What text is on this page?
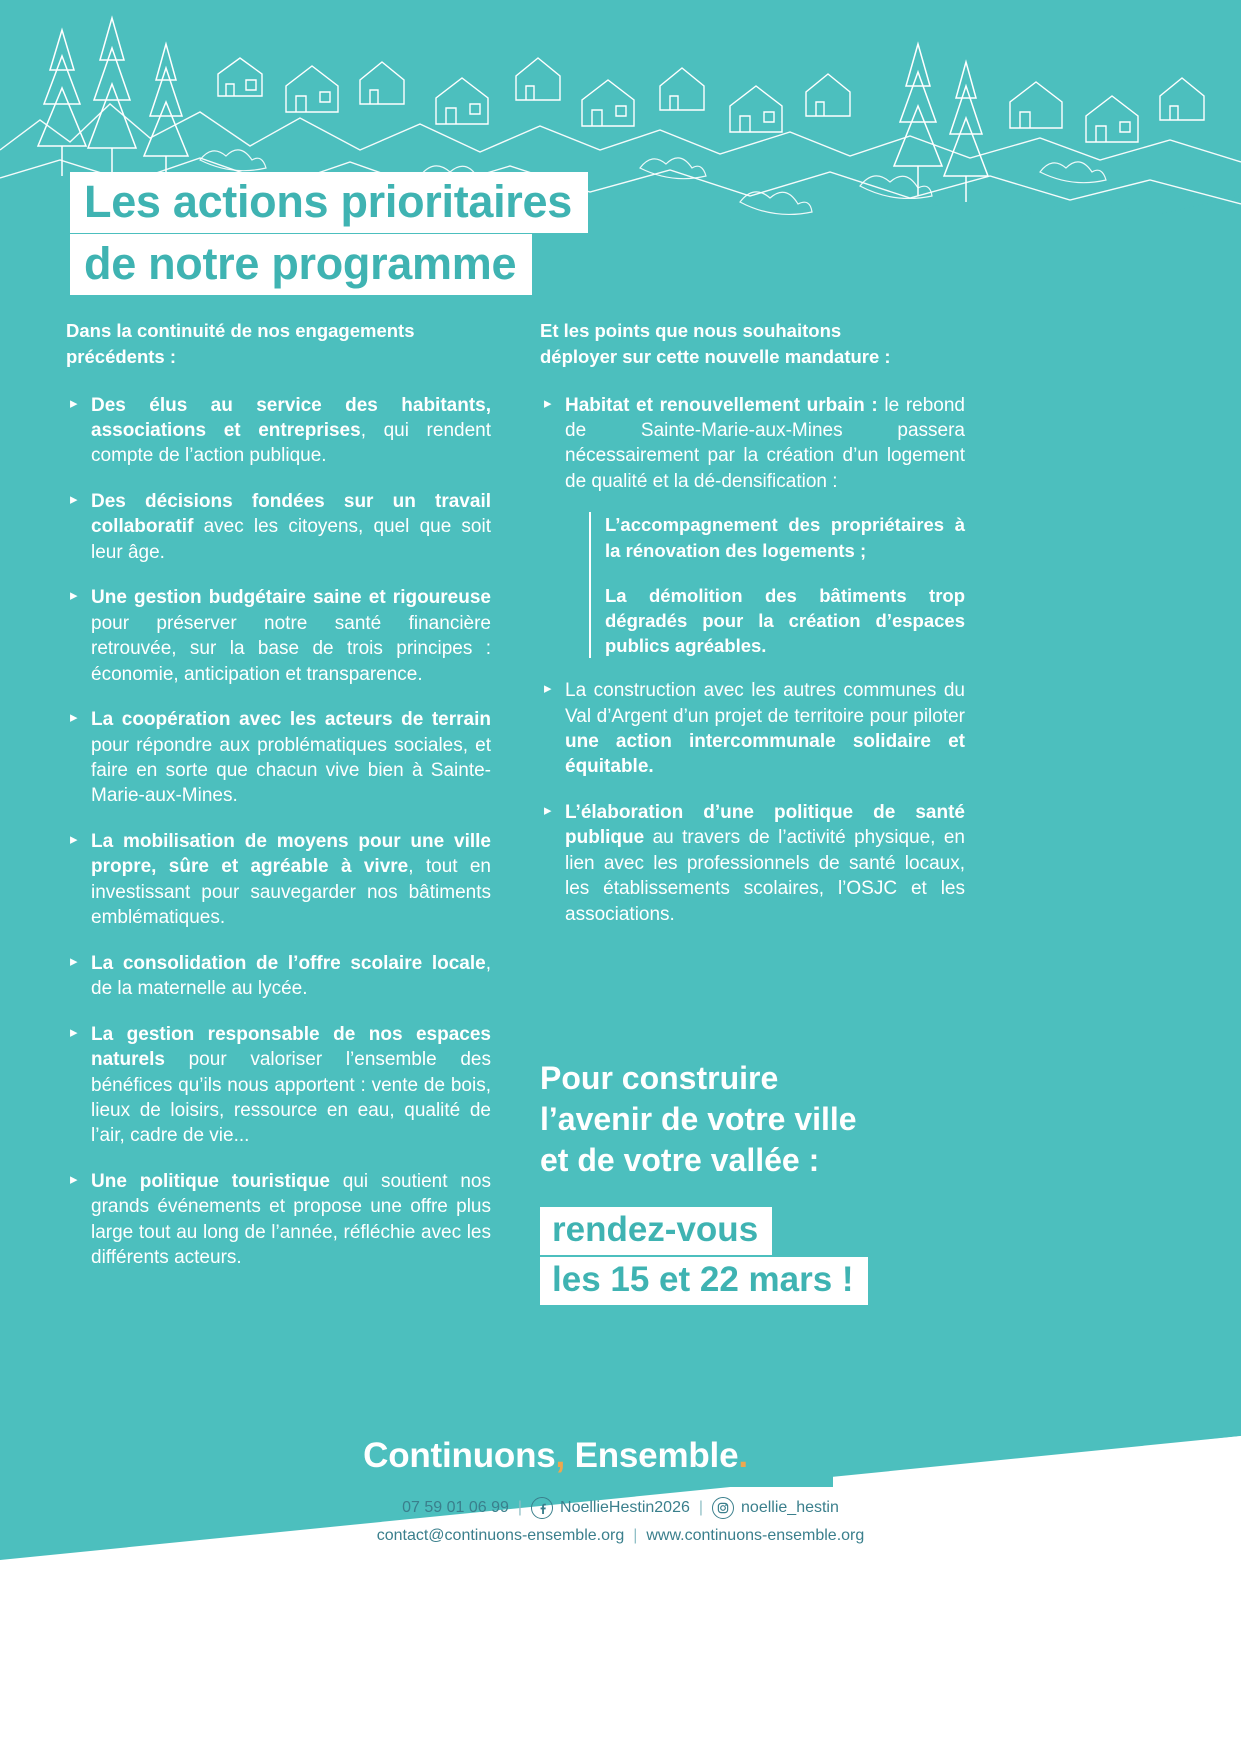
Les actions prioritaires
de notre programme
Dans la continuité de nos engagements précédents :
▸ Des élus au service des habitants, associations et entreprises, qui rendent compte de l’action publique.
▸ Des décisions fondées sur un travail collaboratif avec les citoyens, quel que soit leur âge.
▸ Une gestion budgétaire saine et rigoureuse pour préserver notre santé financière retrouvée, sur la base de trois principes : économie, anticipation et transparence.
▸ La coopération avec les acteurs de terrain pour répondre aux problématiques sociales, et faire en sorte que chacun vive bien à Sainte-Marie-aux-Mines.
▸ La mobilisation de moyens pour une ville propre, sûre et agréable à vivre, tout en investissant pour sauvegarder nos bâtiments emblématiques.
▸ La consolidation de l’offre scolaire locale, de la maternelle au lycée.
▸ La gestion responsable de nos espaces naturels pour valoriser l’ensemble des bénéfices qu’ils nous apportent : vente de bois, lieux de loisirs, ressource en eau, qualité de l’air, cadre de vie...
▸ Une politique touristique qui soutient nos grands événements et propose une offre plus large tout au long de l’année, réfléchie avec les différents acteurs.
Et les points que nous souhaitons
déployer sur cette nouvelle mandature :
▸ Habitat et renouvellement urbain : le rebond de Sainte-Marie-aux-Mines passera nécessairement par la création d’un logement de qualité et la dé-densification :

L’accompagnement des propriétaires à la rénovation des logements ;

La démolition des bâtiments trop dégradés pour la création d’espaces publics agréables.

▸ La construction avec les autres communes du Val d’Argent d’un projet de territoire pour piloter une action intercommunale solidaire et équitable.
▸ L’élaboration d’une politique de santé publique au travers de l’activité physique, en lien avec les professionnels de santé locaux, les établissements scolaires, l’OSJC et les associations.
Pour construire
l’avenir de votre ville
et de votre vallée :
rendez-vous
les 15 et 22 mars !
Continuons, Ensemble.
07 59 01 06 99 | NoellieHestin2026 | noellie_hestin
contact@continuons-ensemble.org | www.continuons-ensemble.org
